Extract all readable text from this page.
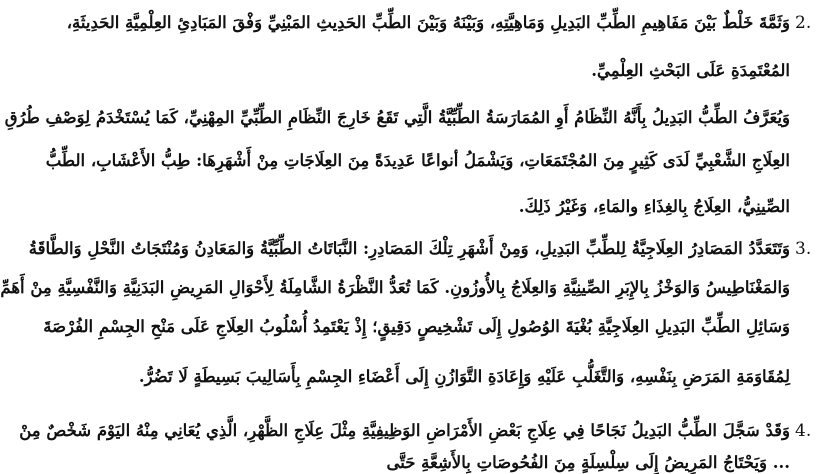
2.
وَثَمَّةَ خَلْطٌ بَيْنَ مَفَاهِيمِ الطِّبِّ البَدِيلِ وَمَاهِيَّتِهِ، وَبَيْنَهُ وَبَيْنَ الطِّبِّ الحَدِيثِ المَبْنِيِّ وَفْقَ المَبَادِئِ العِلْمِيَّةِ الحَدِيثَةِ،
المُعْتَمِدَةِ عَلَى البَحْثِ العِلْمِيِّ.
وَيُعَرَّفُ الطِّبُّ البَدِيلُ بِأَنَّهُ النِّظَامُ أَوِ المُمَارَسَةُ الطِّبِّيَّةُ الَّتِي تَقَعُ خَارِجَ النِّظَامِ الطِّبِّيِّ المِهْنِيِّ، كَمَا يُسْتَخْدَمُ لِوَصْفِ طُرُقِ
العِلَاجِ الشَّعْبِيِّ لَدَى كَثِيرٍ مِنَ المُجْتَمَعَاتِ، وَيَشْمَلُ أنواعًا عَدِيدَةً مِنَ العِلَاجَاتِ مِنْ أَشْهَرِهَا: طِبُّ الأَعْشَابِ، الطِّبُّ
الصِّينِيُّ، العِلَاجُ بِالغِذَاءِ والمَاءِ، وَغَيْرُ ذَلِكَ.
3.
وَتَتَعَدَّدُ المَصَادِرُ العِلَاجِيَّةُ لِلطِّبِّ البَدِيلِ، وَمِنْ أَشْهَرِ تِلْكَ المَصَادِرِ: النَّبَاتَاتُ الطِّبِّيَّةُ وَالمَعَادِنُ وَمُنْتَجَاتُ النَّحْلِ وَالطَّاقَةُ
وَالمَغْنَاطِيسُ وَالوَخْزُ بِالإِبَرِ الصِّينِيَّةِ وَالعِلَاجُ بِالأُوزُونِ. كَمَا تُعَدُّ النَّظْرَةُ الشَّامِلَةُ لِأَحْوَالِ المَرِيضِ البَدَنِيَّةِ وَالنَّفْسِيَّةِ مِنْ أَهَمِّ
وَسَائِلِ الطِّبِّ البَدِيلِ العِلَاجِيَّةِ بُغْيَةَ الوُصُولِ إِلَى تَشْخِيصٍ دَقِيقٍ؛ إِذْ يَعْتَمِدُ أُسْلُوبُ العِلَاجِ عَلَى مَنْحِ الجِسْمِ الفُرْصَةَ
لِمُقَاوَمَةِ المَرَضِ بِنَفْسِهِ، وَالتَّغَلُّبِ عَلَيْهِ وَإِعَادَةِ التَّوَازُنِ إِلَى أَعْضَاءِ الجِسْمِ بِأَسَالِيبَ بَسِيطَةٍ لَا تَضُرُّ.
4.
وَقَدْ سَجَّلَ الطِّبُّ البَدِيلُ نَجَاحًا فِي عِلَاجِ بَعْضِ الأَمْرَاضِ الوَظِيفِيَّةِ مِثْلَ عِلَاجِ الظَّهْرِ، الَّذِي يُعَانِي مِنْهُ اليَوْمَ شَخْصٌ مِنْ
... وَيَحْتَاجُ المَرِيضُ إِلَى سِلْسِلَةٍ مِنَ الفُحُوصَاتِ بِالأَشِعَّةِ حَتَّى
